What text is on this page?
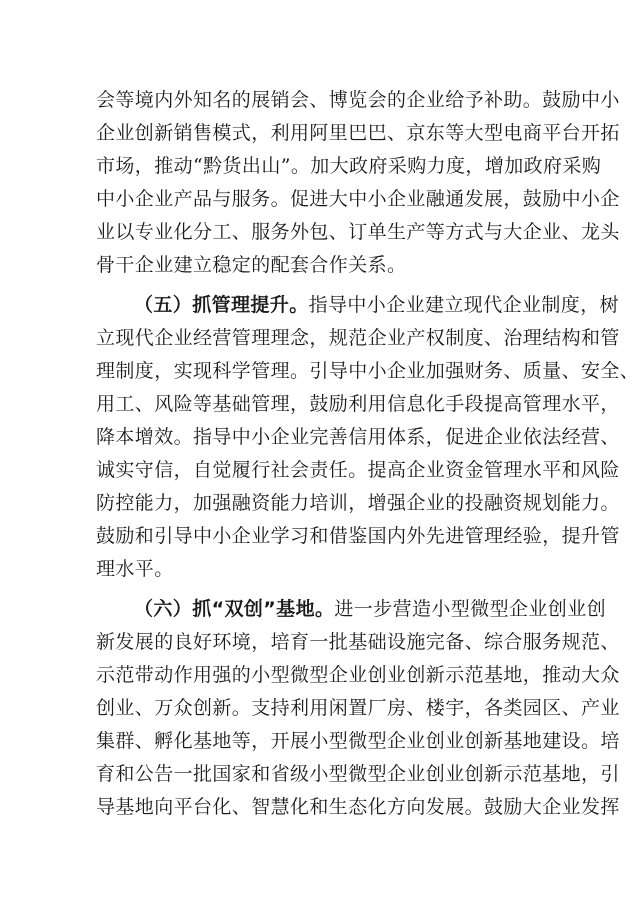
会等境内外知名的展销会、博览会的企业给予补助。鼓励中小
企业创新销售模式，利用阿里巴巴、京东等大型电商平台开拓
市场，推动“黔货出山”。加大政府采购力度，增加政府采购
中小企业产品与服务。促进大中小企业融通发展，鼓励中小企
业以专业化分工、服务外包、订单生产等方式与大企业、龙头
骨干企业建立稳定的配套合作关系。
（五）抓管理提升。指导中小企业建立现代企业制度，树
立现代企业经营管理理念，规范企业产权制度、治理结构和管
理制度，实现科学管理。引导中小企业加强财务、质量、安全、
用工、风险等基础管理，鼓励利用信息化手段提高管理水平，
降本增效。指导中小企业完善信用体系，促进企业依法经营、
诚实守信，自觉履行社会责任。提高企业资金管理水平和风险
防控能力，加强融资能力培训，增强企业的投融资规划能力。
鼓励和引导中小企业学习和借鉴国内外先进管理经验，提升管
理水平。
（六）抓“双创”基地。进一步营造小型微型企业创业创
新发展的良好环境，培育一批基础设施完备、综合服务规范、
示范带动作用强的小型微型企业创业创新示范基地，推动大众
创业、万众创新。支持利用闲置厂房、楼宇，各类园区、产业
集群、孵化基地等，开展小型微型企业创业创新基地建设。培
育和公告一批国家和省级小型微型企业创业创新示范基地，引
导基地向平台化、智慧化和生态化方向发展。鼓励大企业发挥
